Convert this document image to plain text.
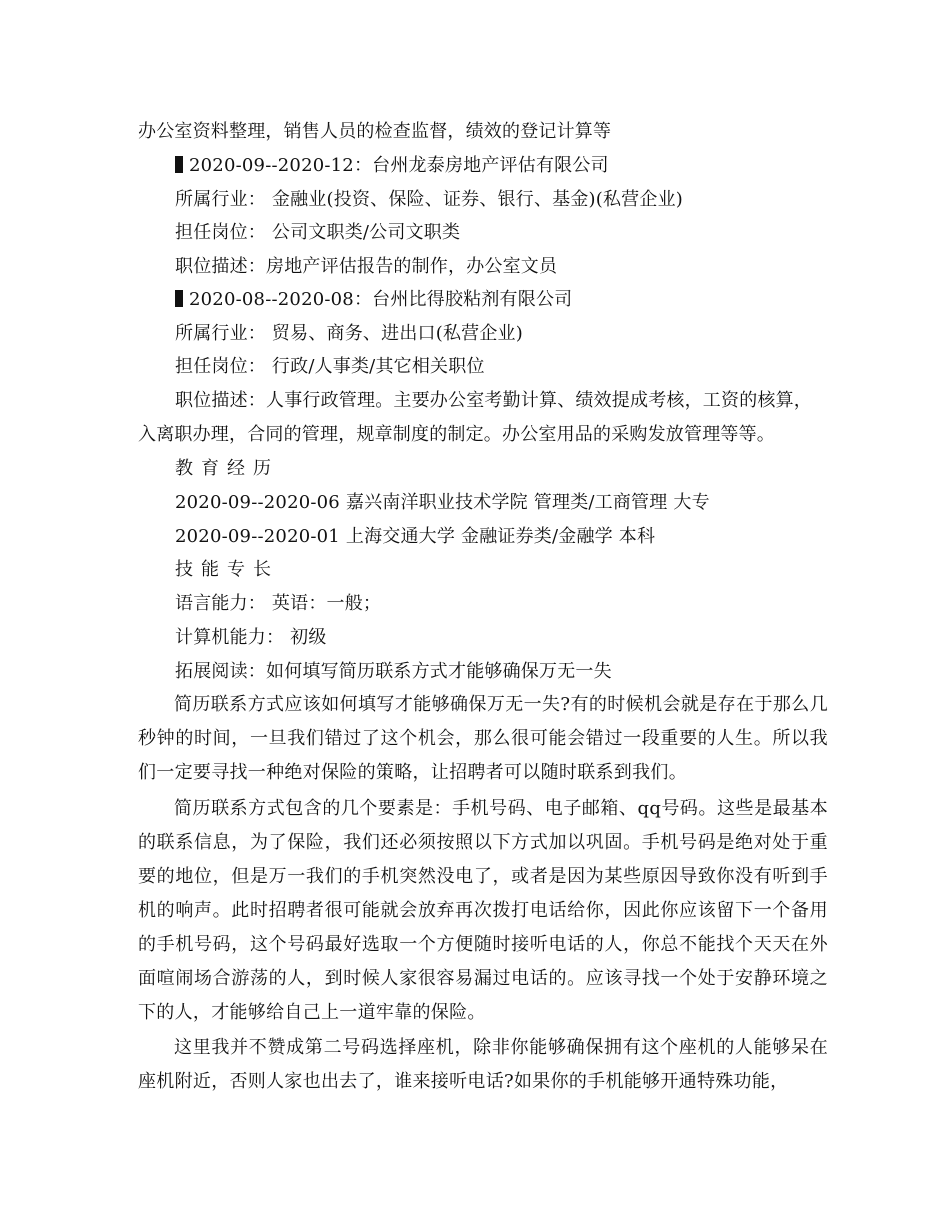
办公室资料整理，销售人员的检查监督，绩效的登记计算等
2020-09--2020-12：台州龙泰房地产评估有限公司
所属行业： 金融业(投资、保险、证券、银行、基金)(私营企业)
担任岗位： 公司文职类/公司文职类
职位描述：房地产评估报告的制作，办公室文员
2020-08--2020-08：台州比得胶粘剂有限公司
所属行业： 贸易、商务、进出口(私营企业)
担任岗位： 行政/人事类/其它相关职位
职位描述：人事行政管理。主要办公室考勤计算、绩效提成考核，工资的核算，
入离职办理，合同的管理，规章制度的制定。办公室用品的采购发放管理等等。
教育经历
2020-09--2020-06 嘉兴南洋职业技术学院 管理类/工商管理 大专
2020-09--2020-01 上海交通大学 金融证券类/金融学 本科
技能专长
语言能力： 英语：一般；
计算机能力： 初级
拓展阅读：如何填写简历联系方式才能够确保万无一失

简历联系方式应该如何填写才能够确保万无一失?有的时候机会就是存在于那么几秒钟的时间，一旦我们错过了这个机会，那么很可能会错过一段重要的人生。所以我们一定要寻找一种绝对保险的策略，让招聘者可以随时联系到我们。

简历联系方式包含的几个要素是：手机号码、电子邮箱、qq号码。这些是最基本的联系信息，为了保险，我们还必须按照以下方式加以巩固。手机号码是绝对处于重要的地位，但是万一我们的手机突然没电了，或者是因为某些原因导致你没有听到手机的响声。此时招聘者很可能就会放弃再次拨打电话给你，因此你应该留下一个备用的手机号码，这个号码最好选取一个方便随时接听电话的人，你总不能找个天天在外面喧闹场合游荡的人，到时候人家很容易漏过电话的。应该寻找一个处于安静环境之下的人，才能够给自己上一道牢靠的保险。

这里我并不赞成第二号码选择座机，除非你能够确保拥有这个座机的人能够呆在座机附近，否则人家也出去了，谁来接听电话?如果你的手机能够开通特殊功能，
